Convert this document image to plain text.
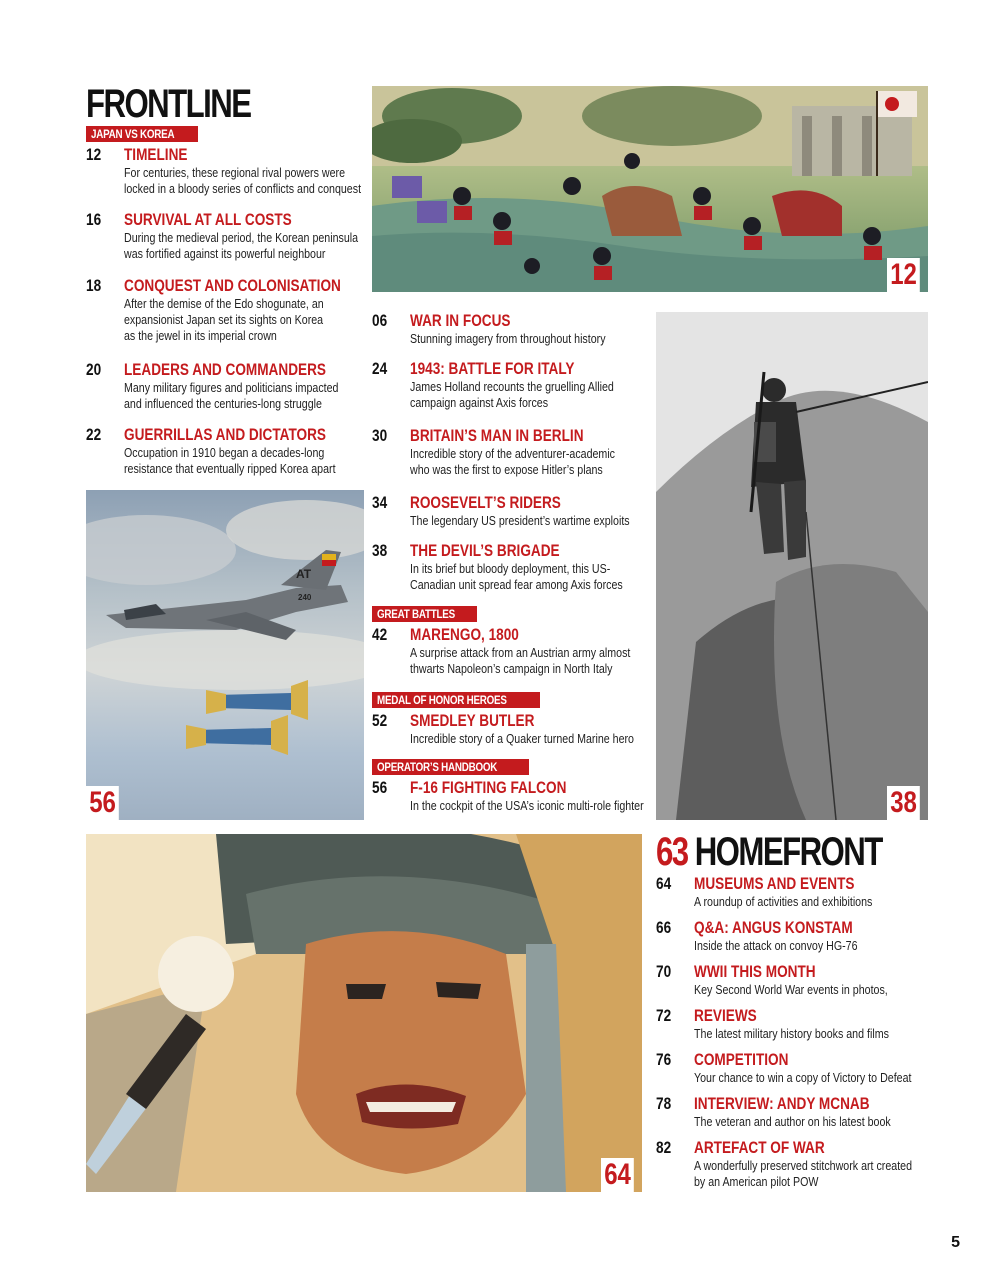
FRONTLINE
JAPAN VS KOREA
12 TIMELINE
For centuries, these regional rival powers were
locked in a bloody series of conflicts and conquest
16 SURVIVAL AT ALL COSTS
During the medieval period, the Korean peninsula
was fortified against its powerful neighbour
18 CONQUEST AND COLONISATION
After the demise of the Edo shogunate, an
expansionist Japan set its sights on Korea
as the jewel in its imperial crown
20 LEADERS AND COMMANDERS
Many military figures and politicians impacted
and influenced the centuries-long struggle
22 GUERRILLAS AND DICTATORS
Occupation in 1910 began a decades-long
resistance that eventually ripped Korea apart
12
06 WAR IN FOCUS
Stunning imagery from throughout history
24 1943: BATTLE FOR ITALY
James Holland recounts the gruelling Allied
campaign against Axis forces
30 BRITAIN’S MAN IN BERLIN
Incredible story of the adventurer-academic
who was the first to expose Hitler’s plans
34 ROOSEVELT’S RIDERS
The legendary US president’s wartime exploits
38 THE DEVIL’S BRIGADE
In its brief but bloody deployment, this US-
Canadian unit spread fear among Axis forces
GREAT BATTLES
42 MARENGO, 1800
A surprise attack from an Austrian army almost
thwarts Napoleon’s campaign in North Italy
MEDAL OF HONOR HEROES
52 SMEDLEY BUTLER
Incredible story of a Quaker turned Marine hero
OPERATOR’S HANDBOOK
56 F-16 FIGHTING FALCON
In the cockpit of the USA’s iconic multi-role fighter
AT
240
56	38
64
63 HOMEFRONT
64 MUSEUMS AND EVENTS
A roundup of activities and exhibitions
66 Q&A: ANGUS KONSTAM
Inside the attack on convoy HG-76
70 WWII THIS MONTH
Key Second World War events in photos,
72 REVIEWS
The latest military history books and films
76 COMPETITION
Your chance to win a copy of Victory to Defeat
78 INTERVIEW: ANDY MCNAB
The veteran and author on his latest book
82 ARTEFACT OF WAR
A wonderfully preserved stitchwork art created
by an American pilot POW
5
